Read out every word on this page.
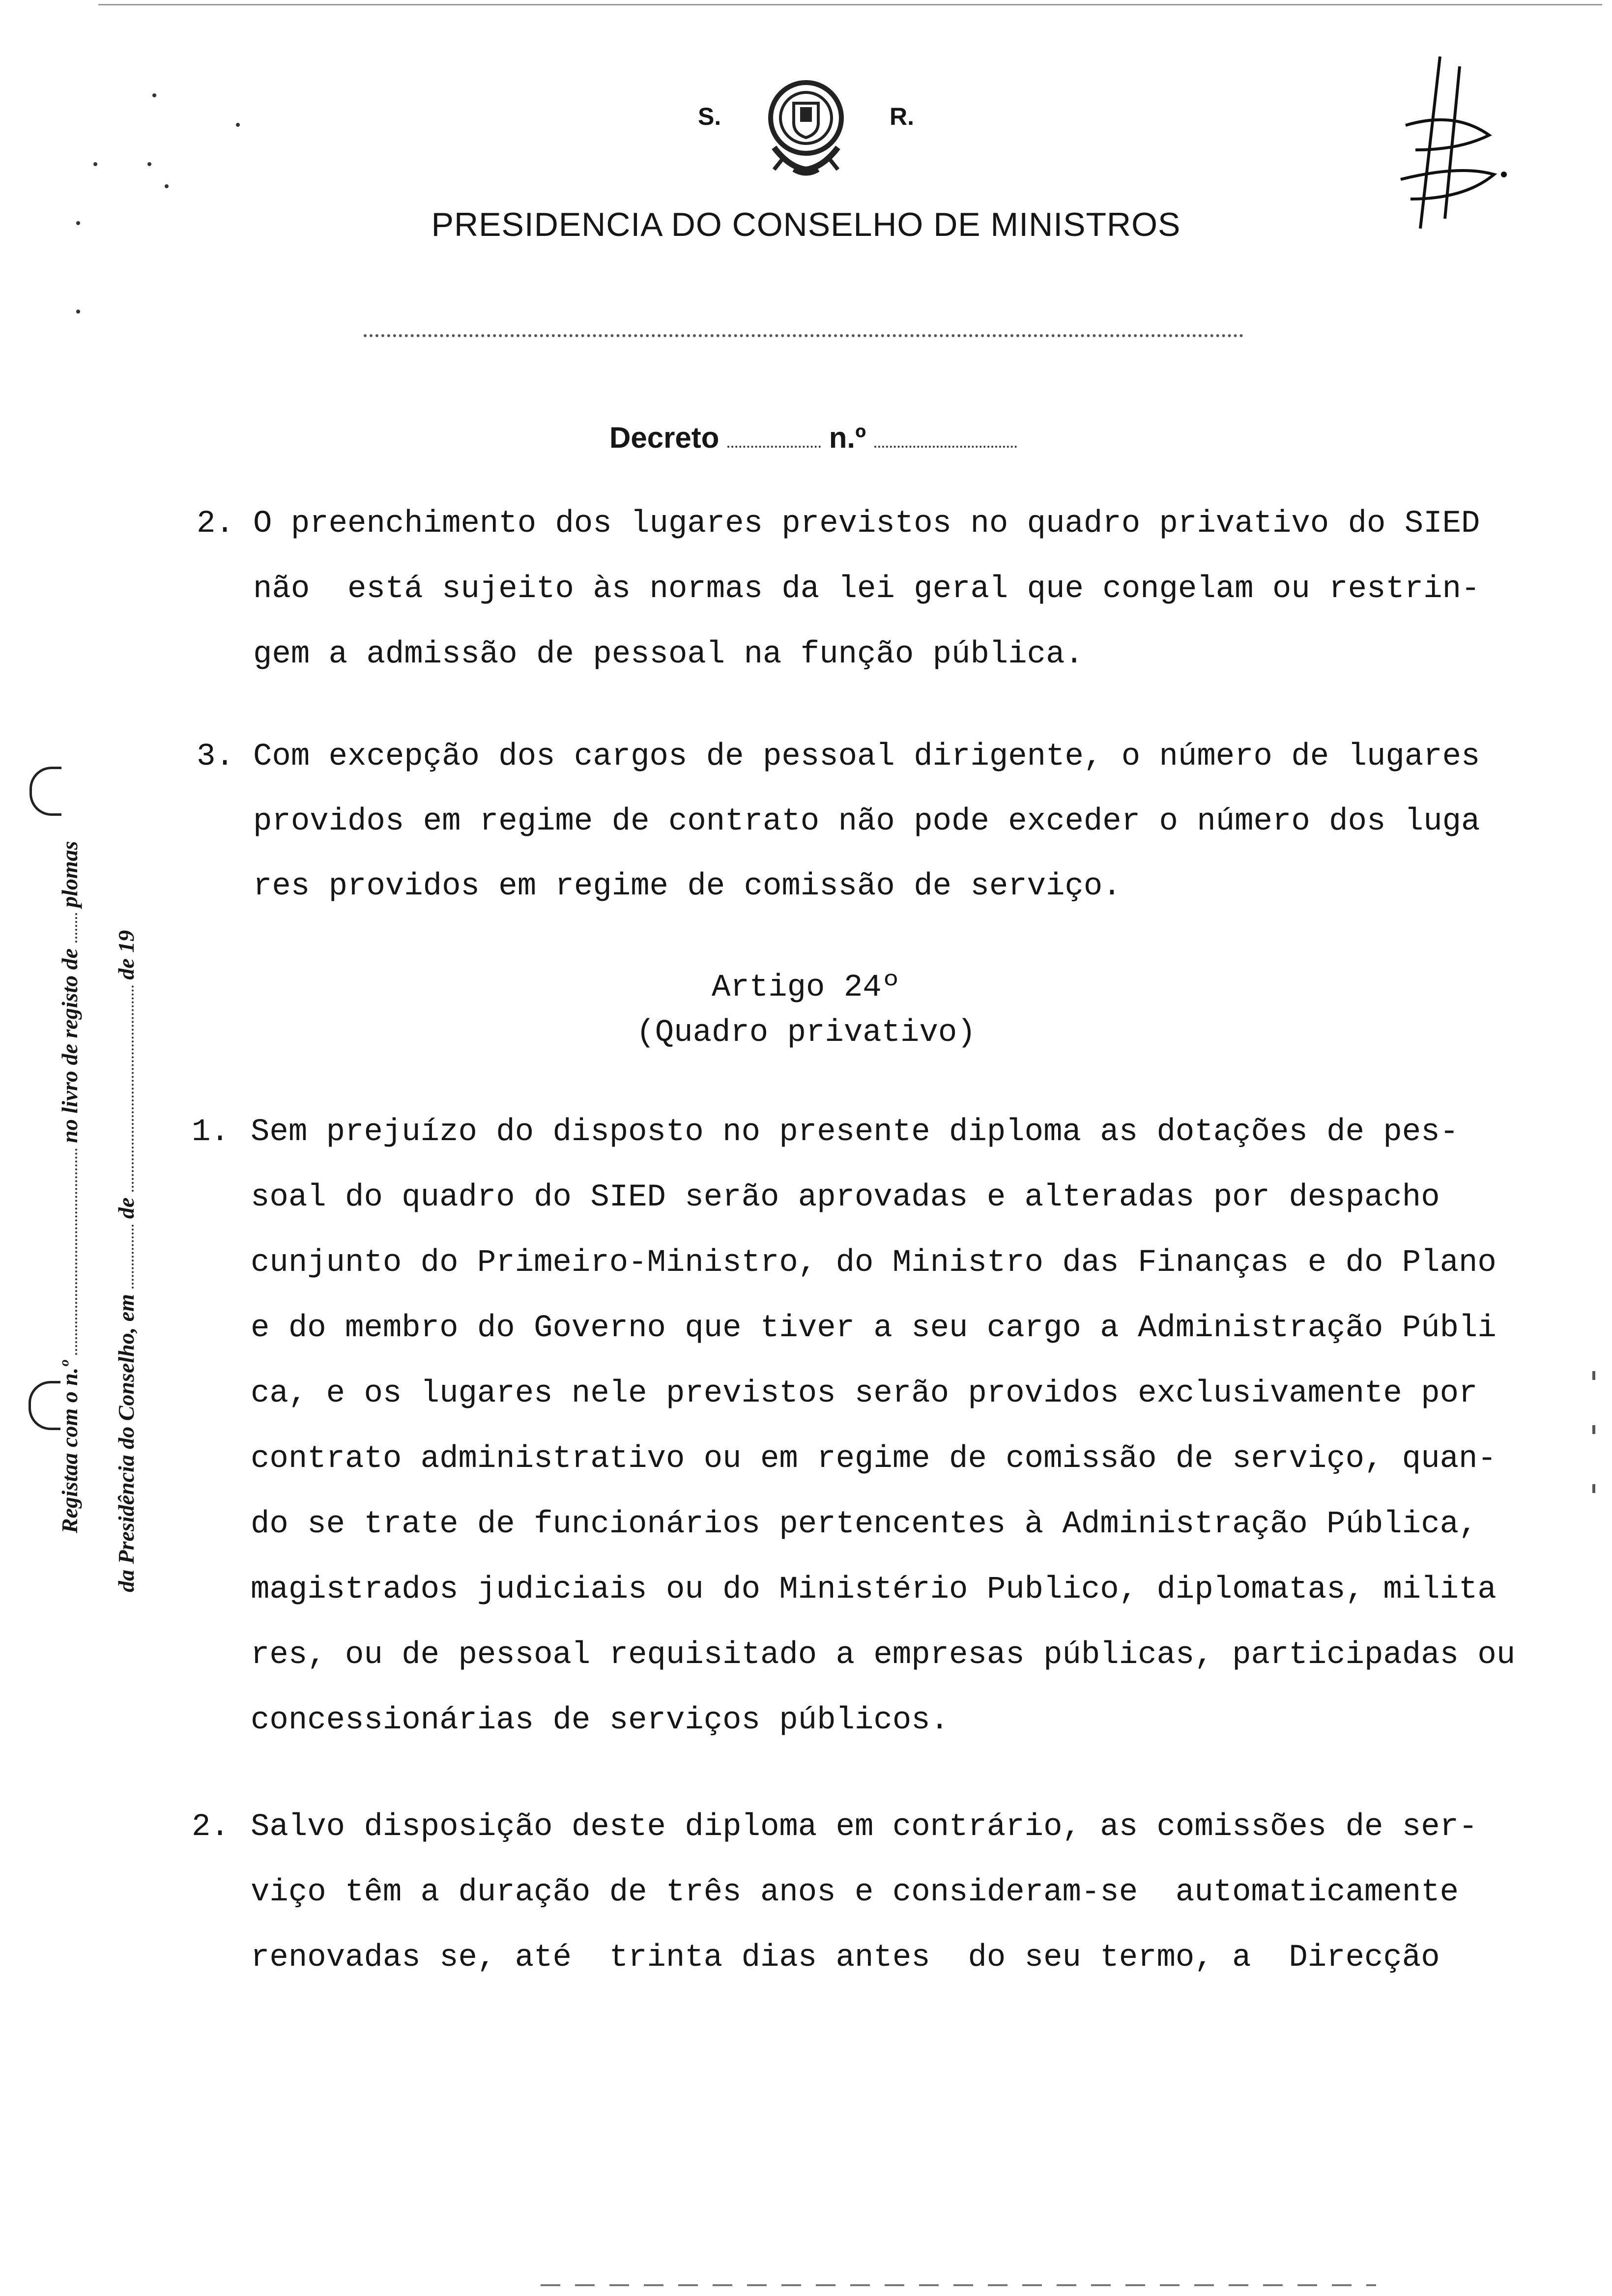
S.	R.
PRESIDENCIA DO CONSELHO DE MINISTROS
Decreto	n.º
2. O preenchimento dos lugares previstos no quadro privativo do SIED
não  está sujeito às normas da lei geral que congelam ou restrin-
gem a admissão de pessoal na função pública.
3. Com excepção dos cargos de pessoal dirigente, o número de lugares
providos em regime de contrato não pode exceder o número dos luga
res providos em regime de comissão de serviço.
Artigo 24º
(Quadro privativo)
1. Sem prejuízo do disposto no presente diploma as dotações de pes-
soal do quadro do SIED serão aprovadas e alteradas por despacho
cunjunto do Primeiro-Ministro, do Ministro das Finanças e do Plano
e do membro do Governo que tiver a seu cargo a Administração Públi
ca, e os lugares nele previstos serão providos exclusivamente por
contrato administrativo ou em regime de comissão de serviço, quan-
do se trate de funcionários pertencentes à Administração Pública,
magistrados judiciais ou do Ministério Publico, diplomatas, milita
res, ou de pessoal requisitado a empresas públicas, participadas ou
concessionárias de serviços públicos.
2. Salvo disposição deste diploma em contrário, as comissões de ser-
viço têm a duração de três anos e consideram-se  automaticamente
renovadas se, até  trinta dias antes  do seu termo, a  Direcção
Registaa com o n.º  no livro de registo de  plomas
da Presidência do Conselho, em  de  de 19
